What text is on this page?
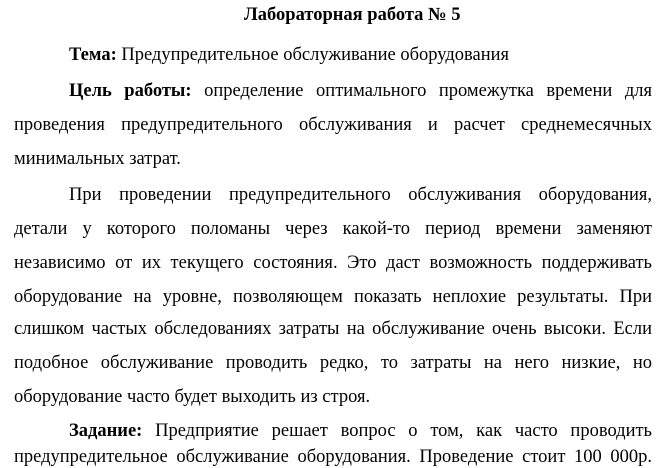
Лабораторная работа № 5
Тема: Предупредительное обслуживание оборудования
Цель работы: определение оптимального промежутка времени для
проведения предупредительного обслуживания и расчет среднемесячных
минимальных затрат.
При проведении предупредительного обслуживания оборудования,
детали у которого поломаны через какой-то период времени заменяют
независимо от их текущего состояния. Это даст возможность поддерживать
оборудование на уровне, позволяющем показать неплохие результаты. При
слишком частых обследованиях затраты на обслуживание очень высоки. Если
подобное обслуживание проводить редко, то затраты на него низкие, но
оборудование часто будет выходить из строя.
Задание: Предприятие решает вопрос о том, как часто проводить
предупредительное обслуживание оборудования. Проведение стоит 100 000р.
